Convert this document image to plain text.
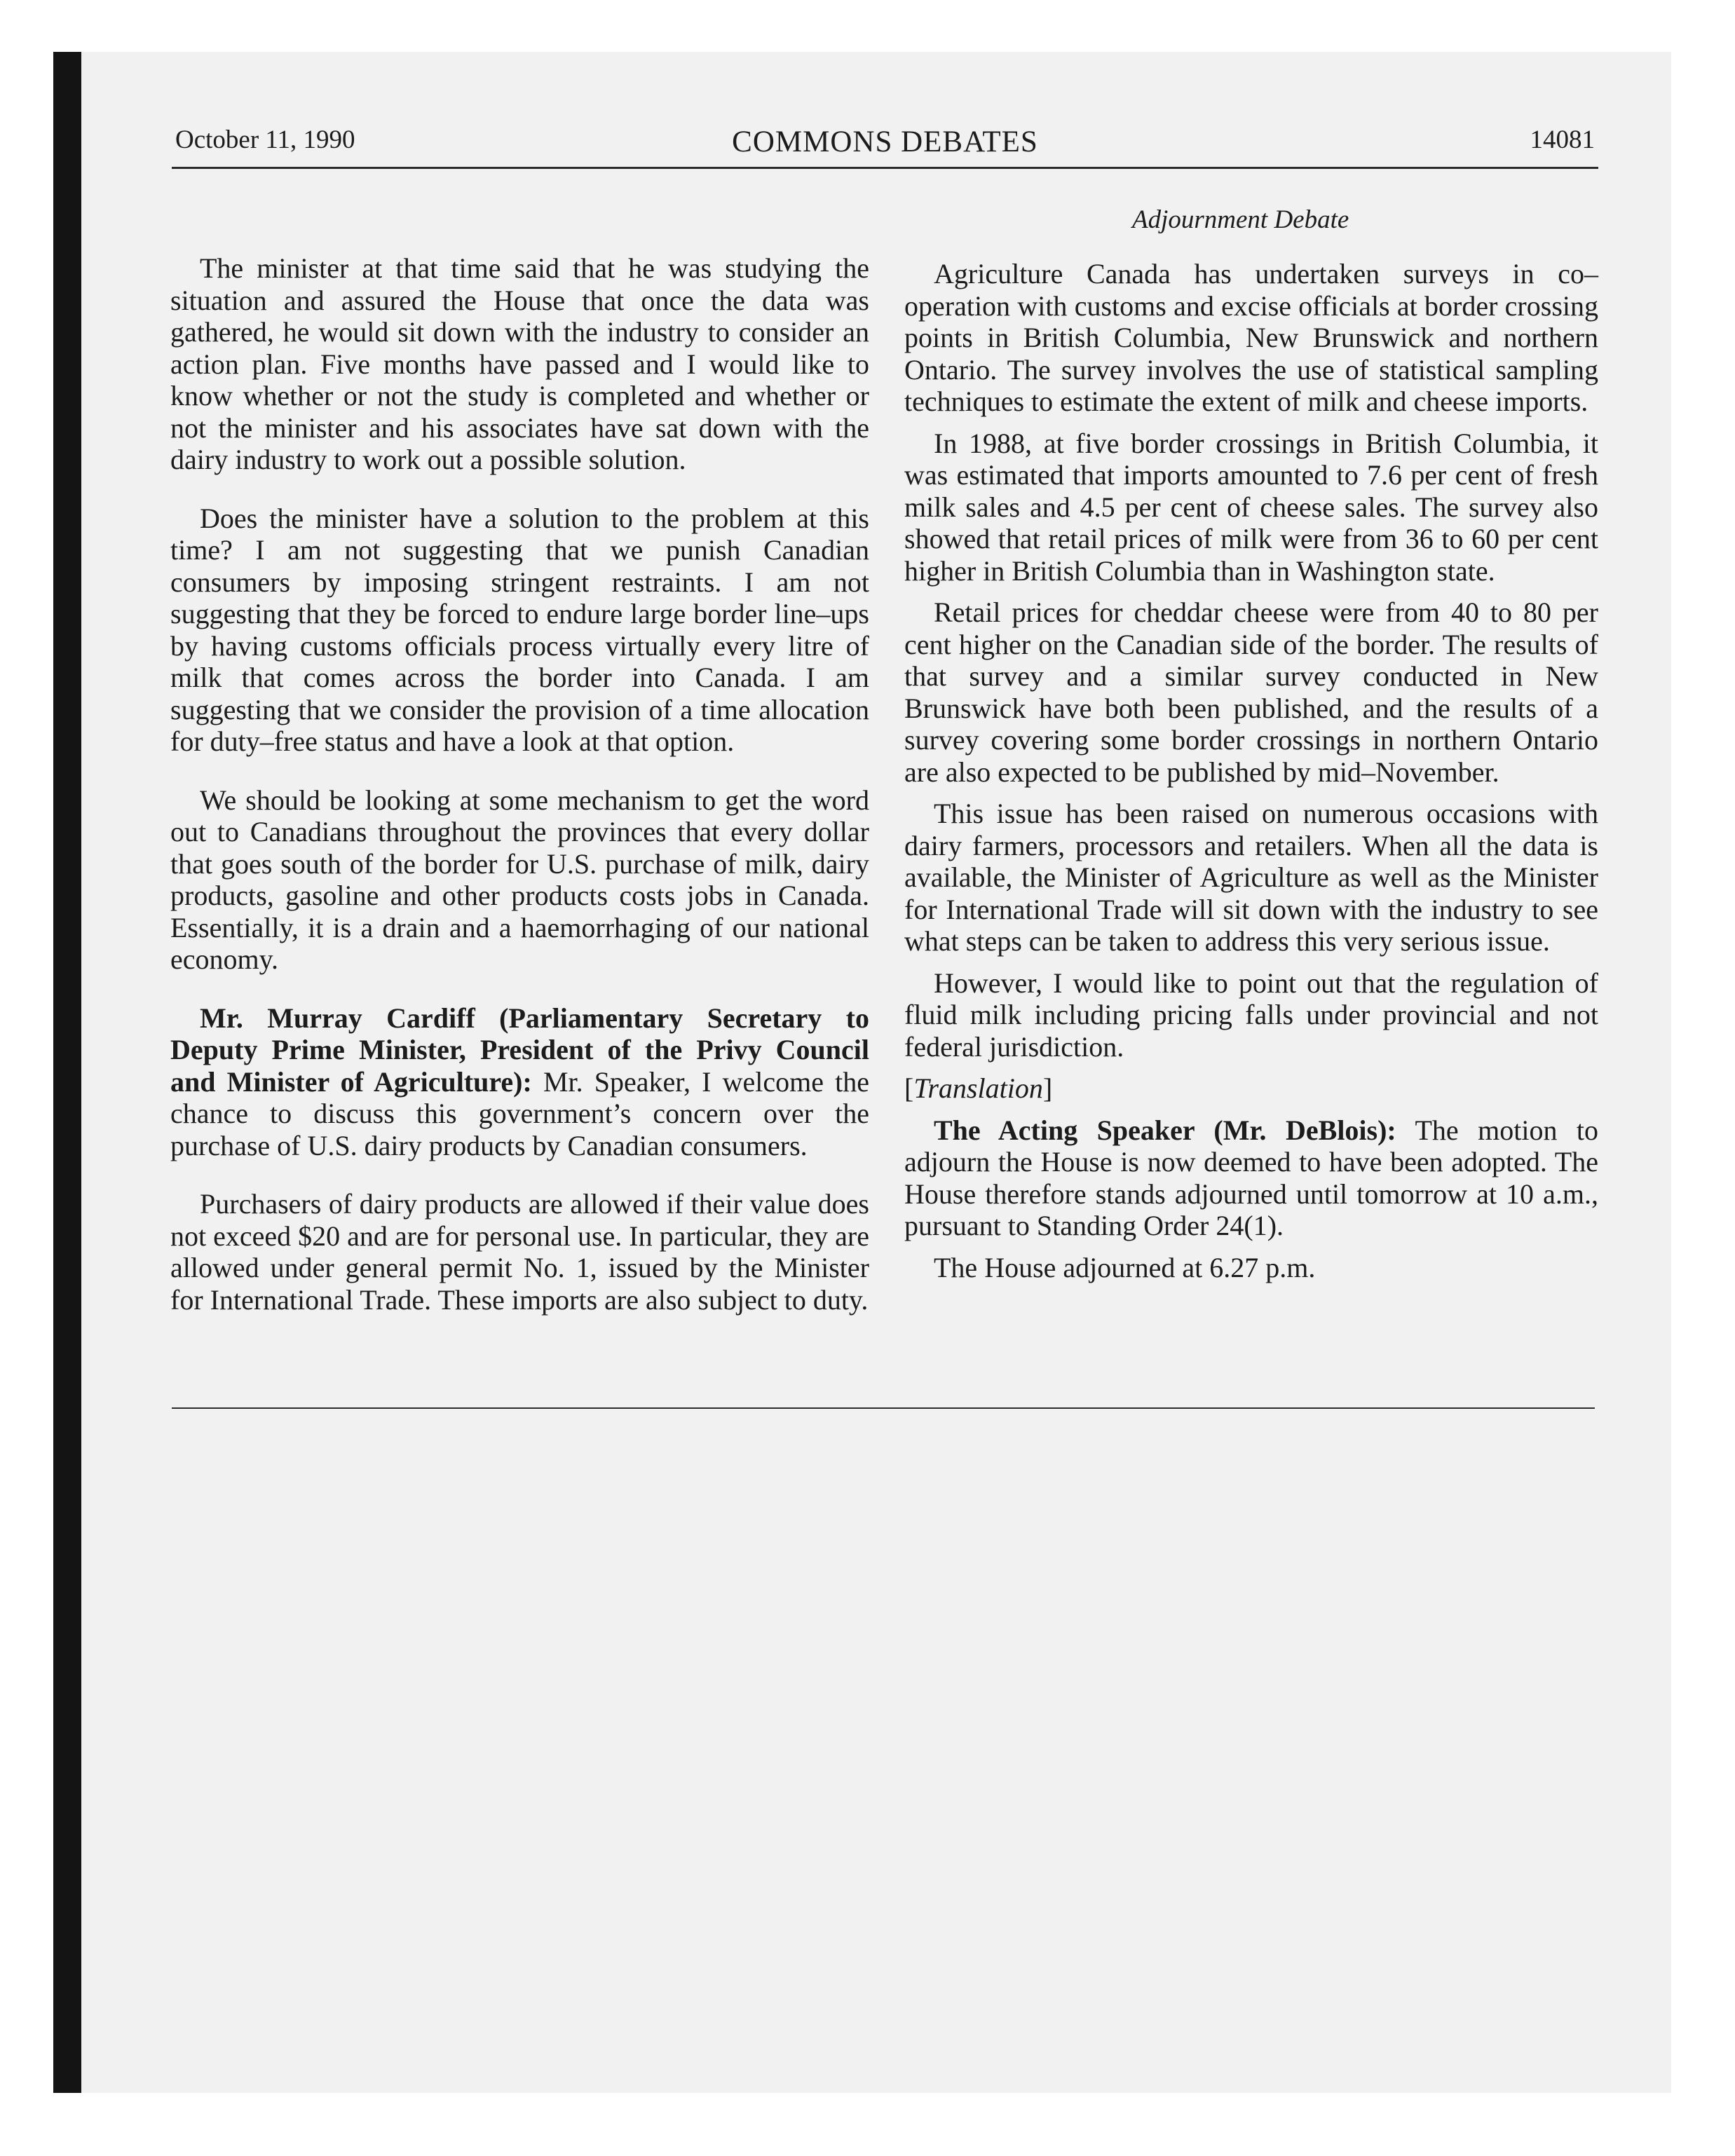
October 11, 1990	COMMONS DEBATES	14081
Adjournment Debate

The minister at that time said that he was studying the situation and assured the House that once the data was gathered, he would sit down with the industry to consider an action plan. Five months have passed and I would like to know whether or not the study is completed and whether or not the minister and his associates have sat down with the dairy industry to work out a possible solution.

Does the minister have a solution to the problem at this time? I am not suggesting that we punish Canadian consumers by imposing stringent restraints. I am not suggesting that they be forced to endure large border line–ups by having customs officials process virtually every litre of milk that comes across the border into Canada. I am suggesting that we consider the provision of a time allocation for duty–free status and have a look at that option.

We should be looking at some mechanism to get the word out to Canadians throughout the provinces that every dollar that goes south of the border for U.S. purchase of milk, dairy products, gasoline and other products costs jobs in Canada. Essentially, it is a drain and a haemorrhaging of our national economy.

Mr. Murray Cardiff (Parliamentary Secretary to Deputy Prime Minister, President of the Privy Council and Minister of Agriculture): Mr. Speaker, I welcome the chance to discuss this government’s concern over the purchase of U.S. dairy products by Canadian consumers.

Purchasers of dairy products are allowed if their value does not exceed $20 and are for personal use. In particular, they are allowed under general permit No. 1, issued by the Minister for International Trade. These imports are also subject to duty.

Agriculture Canada has undertaken surveys in co–operation with customs and excise officials at border crossing points in British Columbia, New Brunswick and northern Ontario. The survey involves the use of statistical sampling techniques to estimate the extent of milk and cheese imports.

In 1988, at five border crossings in British Columbia, it was estimated that imports amounted to 7.6 per cent of fresh milk sales and 4.5 per cent of cheese sales. The survey also showed that retail prices of milk were from 36 to 60 per cent higher in British Columbia than in Washington state.

Retail prices for cheddar cheese were from 40 to 80 per cent higher on the Canadian side of the border. The results of that survey and a similar survey conducted in New Brunswick have both been published, and the results of a survey covering some border crossings in northern Ontario are also expected to be published by mid–November.

This issue has been raised on numerous occasions with dairy farmers, processors and retailers. When all the data is available, the Minister of Agriculture as well as the Minister for International Trade will sit down with the industry to see what steps can be taken to address this very serious issue.

However, I would like to point out that the regulation of fluid milk including pricing falls under provincial and not federal jurisdiction.

[Translation]

The Acting Speaker (Mr. DeBlois): The motion to adjourn the House is now deemed to have been adopted. The House therefore stands adjourned until tomorrow at 10 a.m., pursuant to Standing Order 24(1).

The House adjourned at 6.27 p.m.
